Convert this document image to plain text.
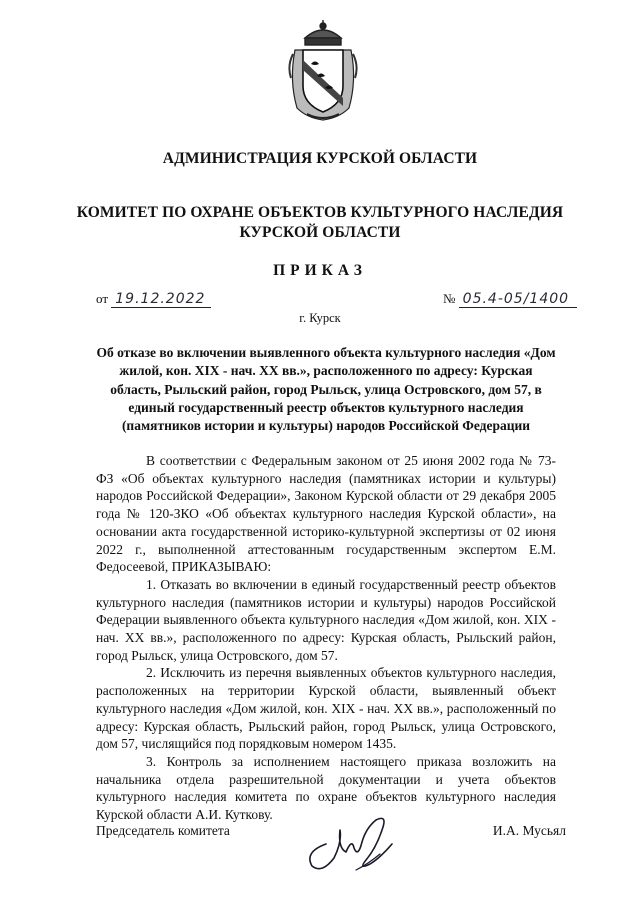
АДМИНИСТРАЦИЯ КУРСКОЙ ОБЛАСТИ
КОМИТЕТ ПО ОХРАНЕ ОБЪЕКТОВ КУЛЬТУРНОГО НАСЛЕДИЯ
КУРСКОЙ ОБЛАСТИ
ПРИКАЗ
от 19.12.2022	№ 05.4-05/1400
г. Курск
Об отказе во включении выявленного объекта культурного наследия «Дом жилой, кон. XIX - нач. XX вв.», расположенного по адресу: Курская область, Рыльский район, город Рыльск, улица Островского, дом 57, в единый государственный реестр объектов культурного наследия (памятников истории и культуры) народов Российской Федерации

В соответствии с Федеральным законом от 25 июня 2002 года № 73-ФЗ «Об объектах культурного наследия (памятниках истории и культуры) народов Российской Федерации», Законом Курской области от 29 декабря 2005 года № 120-ЗКО «Об объектах культурного наследия Курской области», на основании акта государственной историко-культурной экспертизы от 02 июня 2022 г., выполненной аттестованным государственным экспертом Е.М. Федосеевой, ПРИКАЗЫВАЮ:

1. Отказать во включении в единый государственный реестр объектов культурного наследия (памятников истории и культуры) народов Российской Федерации выявленного объекта культурного наследия «Дом жилой, кон. XIX - нач. XX вв.», расположенного по адресу: Курская область, Рыльский район, город Рыльск, улица Островского, дом 57.

2. Исключить из перечня выявленных объектов культурного наследия, расположенных на территории Курской области, выявленный объект культурного наследия «Дом жилой, кон. XIX - нач. XX вв.», расположенный по адресу: Курская область, Рыльский район, город Рыльск, улица Островского, дом 57, числящийся под порядковым номером 1435.

3. Контроль за исполнением настоящего приказа возложить на начальника отдела разрешительной документации и учета объектов культурного наследия комитета по охране объектов культурного наследия Курской области А.И. Куткову.

Председатель комитета	И.А. Мусьял
